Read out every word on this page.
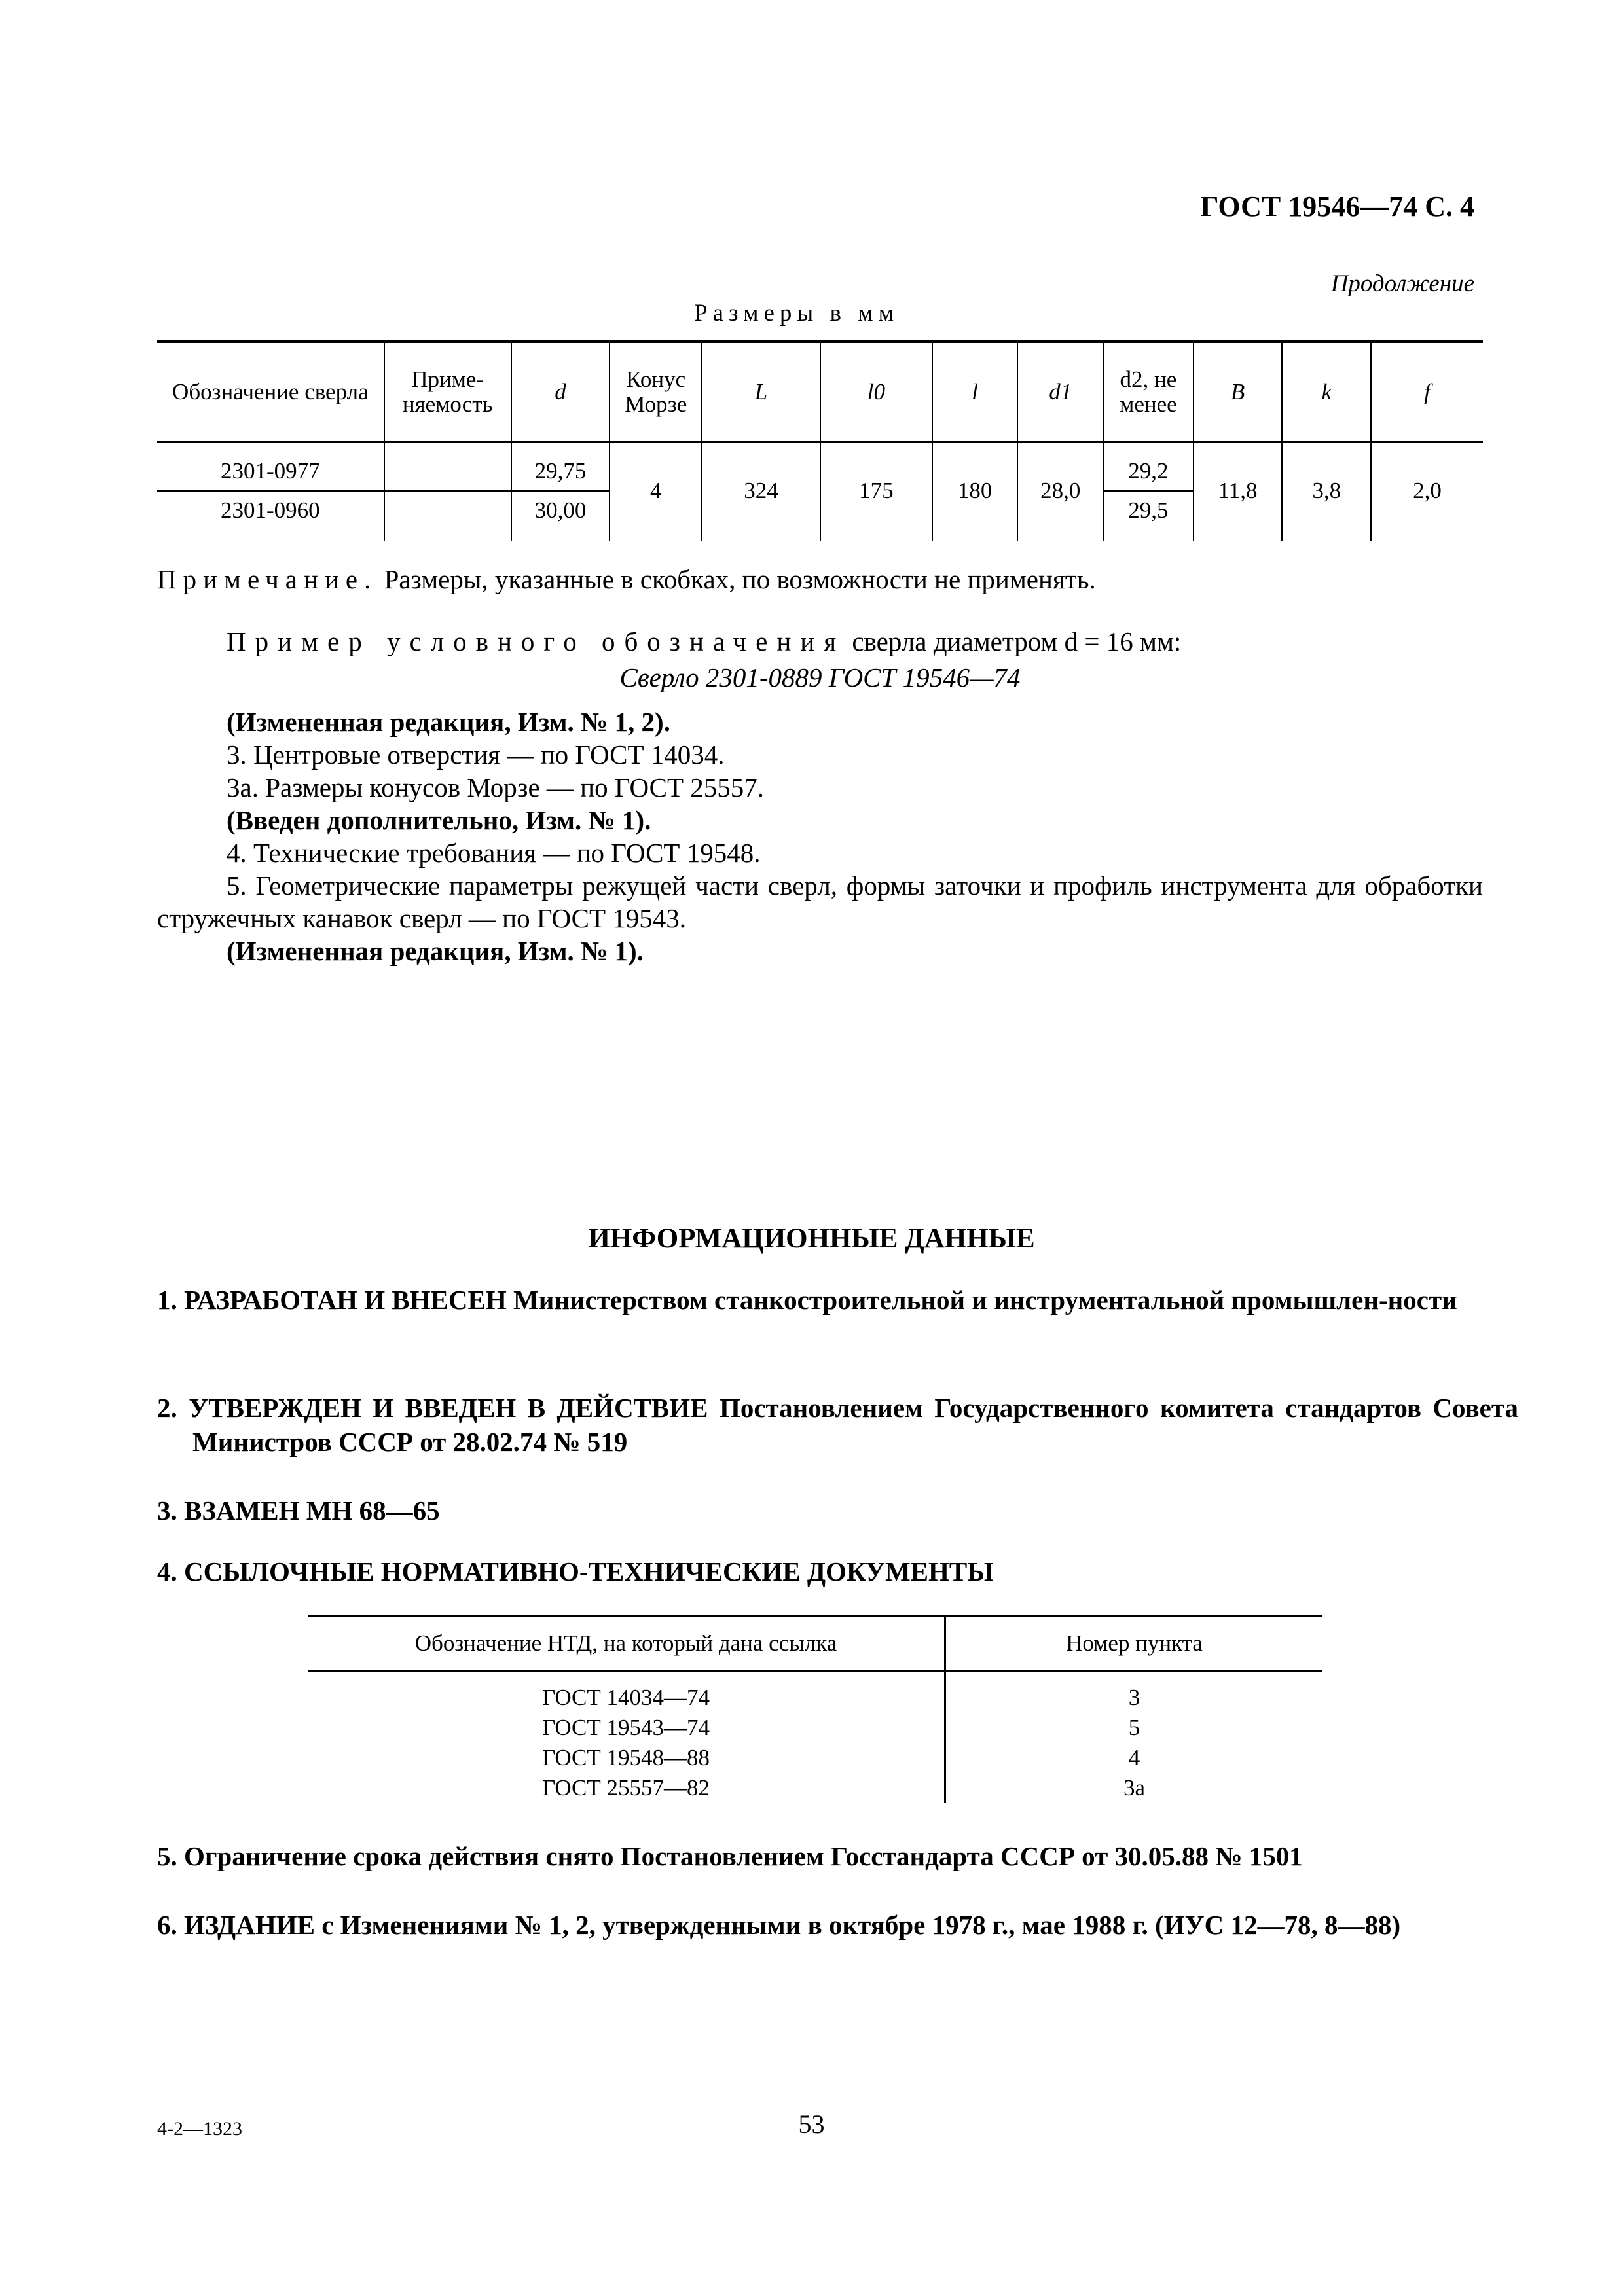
ГОСТ 19546—74 С. 4
Продолжение
Размеры в мм
Обозначение сверла	Приме-няемость	d	Конус Морзе	L	l0	l	d1	d2, не менее	B	k	f
2301-0977		29,75	4	324	175	180	28,0	29,2	11,8	3,8	2,0
2301-0960		30,00						29,5			

Примечание. Размеры, указанные в скобках, по возможности не применять.
Пример условного обозначения сверла диаметром d = 16 мм:
Сверло 2301-0889 ГОСТ 19546—74
(Измененная редакция, Изм. № 1, 2).
3. Центровые отверстия — по ГОСТ 14034.
3а. Размеры конусов Морзе — по ГОСТ 25557.
(Введен дополнительно, Изм. № 1).
4. Технические требования — по ГОСТ 19548.
5. Геометрические параметры режущей части сверл, формы заточки и профиль инструмента для обработки стружечных канавок сверл — по ГОСТ 19543.
(Измененная редакция, Изм. № 1).
ИНФОРМАЦИОННЫЕ ДАННЫЕ
1. РАЗРАБОТАН И ВНЕСЕН Министерством станкостроительной и инструментальной промышлен-ности
2. УТВЕРЖДЕН И ВВЕДЕН В ДЕЙСТВИЕ Постановлением Государственного комитета стандартов Совета Министров СССР от 28.02.74 № 519
3. ВЗАМЕН МН 68—65
4. ССЫЛОЧНЫЕ НОРМАТИВНО-ТЕХНИЧЕСКИЕ ДОКУМЕНТЫ
Обозначение НТД, на который дана ссылка	Номер пункта
ГОСТ 14034—74	3
ГОСТ 19543—74	5
ГОСТ 19548—88	4
ГОСТ 25557—82	3а
5. Ограничение срока действия снято Постановлением Госстандарта СССР от 30.05.88 № 1501
6. ИЗДАНИЕ с Изменениями № 1, 2, утвержденными в октябре 1978 г., мае 1988 г. (ИУС 12—78, 8—88)
4-2—1323	53
